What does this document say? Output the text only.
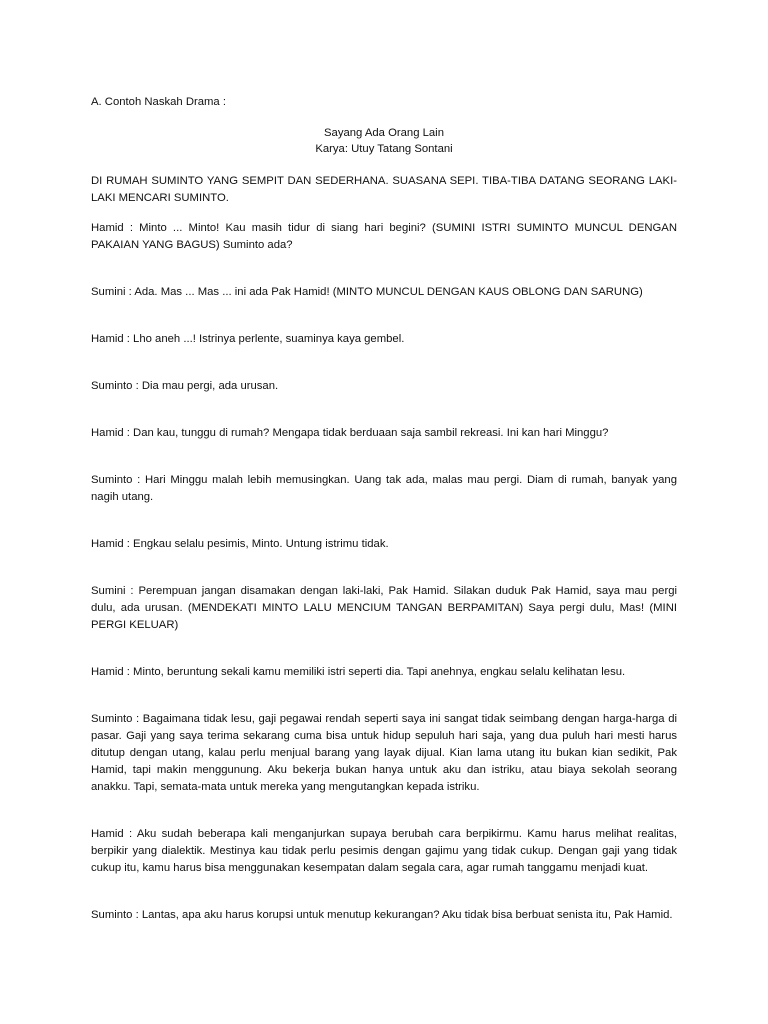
A. Contoh Naskah Drama :
Sayang Ada Orang Lain
Karya: Utuy Tatang Sontani

DI RUMAH SUMINTO YANG SEMPIT DAN SEDERHANA. SUASANA SEPI. TIBA-TIBA DATANG SEORANG LAKI-LAKI MENCARI SUMINTO.

Hamid : Minto ... Minto! Kau masih tidur di siang hari begini? (SUMINI ISTRI SUMINTO MUNCUL DENGAN PAKAIAN YANG BAGUS) Suminto ada?

Sumini : Ada. Mas ... Mas ... ini ada Pak Hamid! (MINTO MUNCUL DENGAN KAUS OBLONG DAN SARUNG)

Hamid : Lho aneh ...! Istrinya perlente, suaminya kaya gembel.

Suminto : Dia mau pergi, ada urusan.

Hamid : Dan kau, tunggu di rumah? Mengapa tidak berduaan saja sambil rekreasi. Ini kan hari Minggu?

Suminto : Hari Minggu malah lebih memusingkan. Uang tak ada, malas mau pergi. Diam di rumah, banyak yang nagih utang.

Hamid : Engkau selalu pesimis, Minto. Untung istrimu tidak.

Sumini : Perempuan jangan disamakan dengan laki-laki, Pak Hamid. Silakan duduk Pak Hamid, saya mau pergi dulu, ada urusan. (MENDEKATI MINTO LALU MENCIUM TANGAN BERPAMITAN) Saya pergi dulu, Mas! (MINI PERGI KELUAR)

Hamid : Minto, beruntung sekali kamu memiliki istri seperti dia. Tapi anehnya, engkau selalu kelihatan lesu.

Suminto : Bagaimana tidak lesu, gaji pegawai rendah seperti saya ini sangat tidak seimbang dengan harga-harga di pasar. Gaji yang saya terima sekarang cuma bisa untuk hidup sepuluh hari saja, yang dua puluh hari mesti harus ditutup dengan utang, kalau perlu menjual barang yang layak dijual. Kian lama utang itu bukan kian sedikit, Pak Hamid, tapi makin menggunung. Aku bekerja bukan hanya untuk aku dan istriku, atau biaya sekolah seorang anakku. Tapi, semata-mata untuk mereka yang mengutangkan kepada istriku.

Hamid : Aku sudah beberapa kali menganjurkan supaya berubah cara berpikirmu. Kamu harus melihat realitas, berpikir yang dialektik. Mestinya kau tidak perlu pesimis dengan gajimu yang tidak cukup. Dengan gaji yang tidak cukup itu, kamu harus bisa menggunakan kesempatan dalam segala cara, agar rumah tanggamu menjadi kuat.

Suminto : Lantas, apa aku harus korupsi untuk menutup kekurangan? Aku tidak bisa berbuat senista itu, Pak Hamid.
